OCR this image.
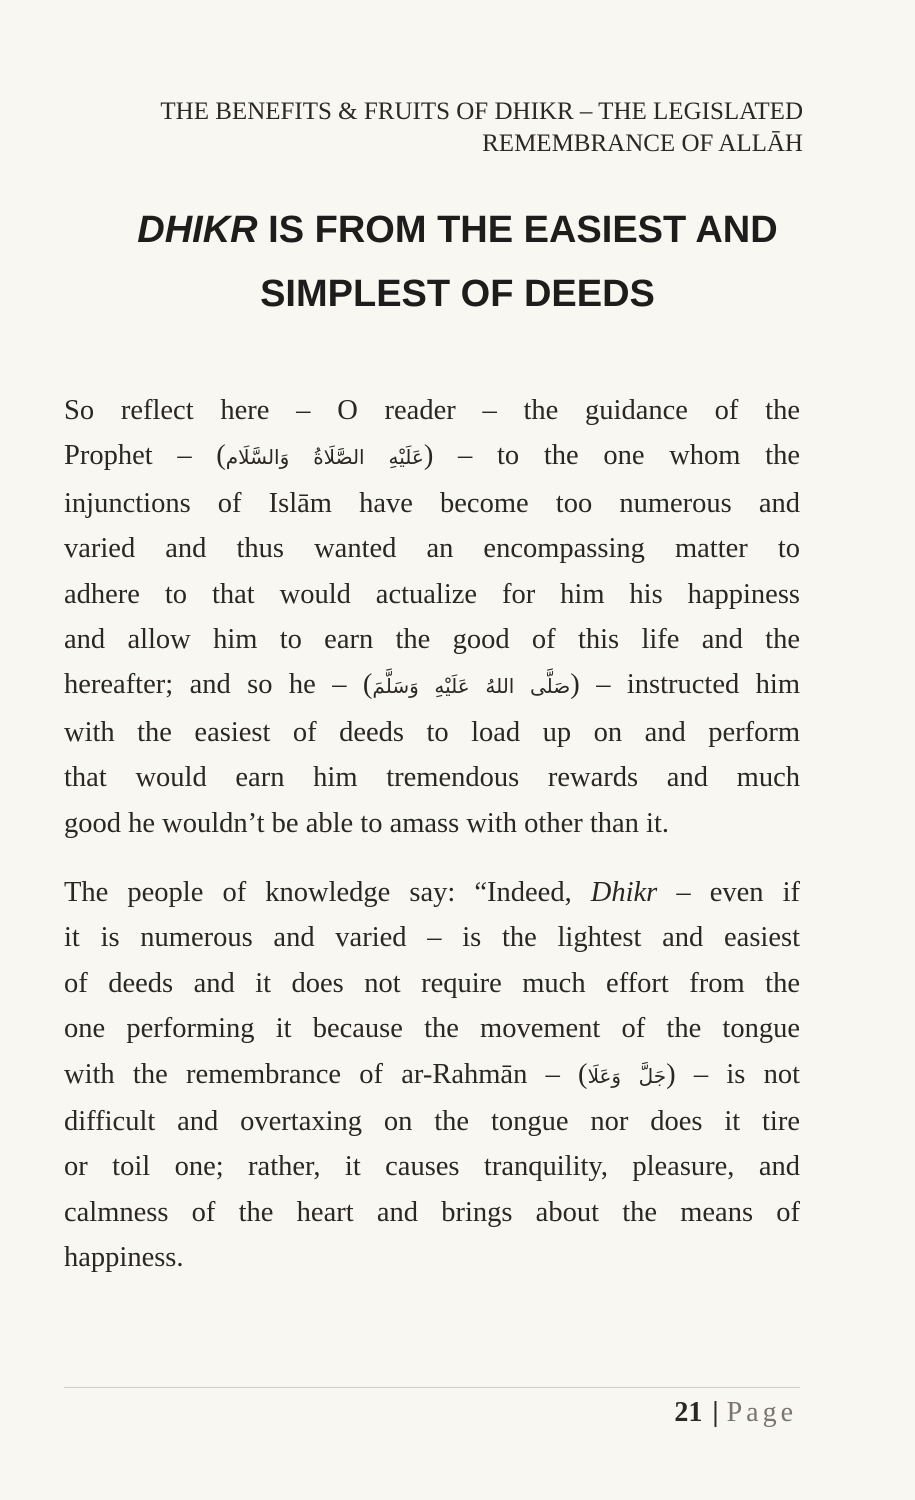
THE BENEFITS & FRUITS OF DHIKR – THE LEGISLATED
REMEMBRANCE OF ALLĀH
DHIKR IS FROM THE EASIEST AND
SIMPLEST OF DEEDS
So reflect here – O reader – the guidance of the
Prophet – (عَلَيْهِ الصَّلَاةُ وَالسَّلَام) – to the one whom the
injunctions of Islām have become too numerous and
varied and thus wanted an encompassing matter to
adhere to that would actualize for him his happiness
and allow him to earn the good of this life and the
hereafter; and so he – (صَلَّى اللهُ عَلَيْهِ وَسَلَّمَ) – instructed him
with the easiest of deeds to load up on and perform
that would earn him tremendous rewards and much
good he wouldn’t be able to amass with other than it.
The people of knowledge say: “Indeed, Dhikr – even if
it is numerous and varied – is the lightest and easiest
of deeds and it does not require much effort from the
one performing it because the movement of the tongue
with the remembrance of ar-Rahmān – (جَلَّ وَعَلَا) – is not
difficult and overtaxing on the tongue nor does it tire
or toil one; rather, it causes tranquility, pleasure, and
calmness of the heart and brings about the means of
happiness.
21 | Page
